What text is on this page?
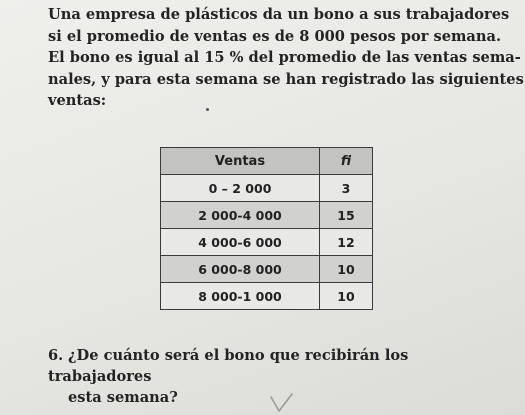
Una empresa de plásticos da un bono a sus trabajadores
si el promedio de ventas es de 8 000 pesos por semana.
El bono es igual al 15 % del promedio de las ventas sema-
nales, y para esta semana se han registrado las siguientes
ventas:
Ventas	fi
0 – 2 000	3
2 000-4 000	15
4 000-6 000	12
6 000-8 000	10
8 000-1 000	10
6. ¿De cuánto será el bono que recibirán los trabajadores
esta semana?
